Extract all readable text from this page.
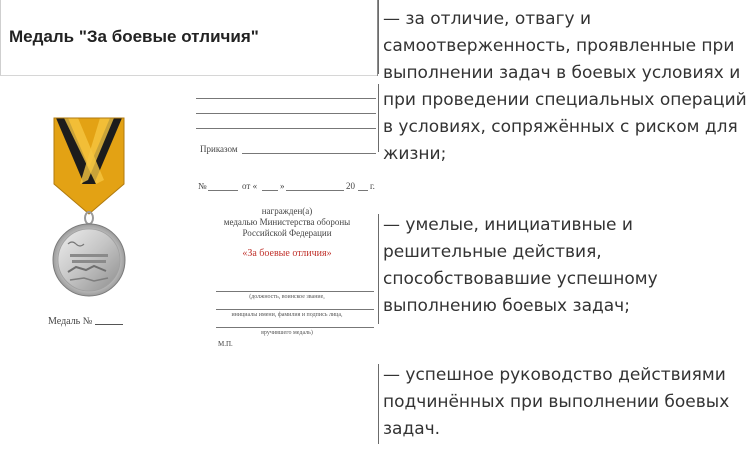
Медаль "За боевые отличия"
Медаль №
Приказом
№	от «	»	20 г.
награжден(а)
медалью Министерства обороны
Российской Федерации
«За боевые отличия»
(должность, воинское звание,
инициалы имени, фамилия и подпись лица,
вручившего медаль)
М.П.
— за отличие, отвагу и
самоотверженность, проявленные при
выполнении задач в боевых условиях и
при проведении специальных операций
в условиях, сопряжённых с риском для
жизни;
— умелые, инициативные и
решительные действия,
способствовавшие успешному
выполнению боевых задач;
— успешное руководство действиями
подчинённых при выполнении боевых
задач.
